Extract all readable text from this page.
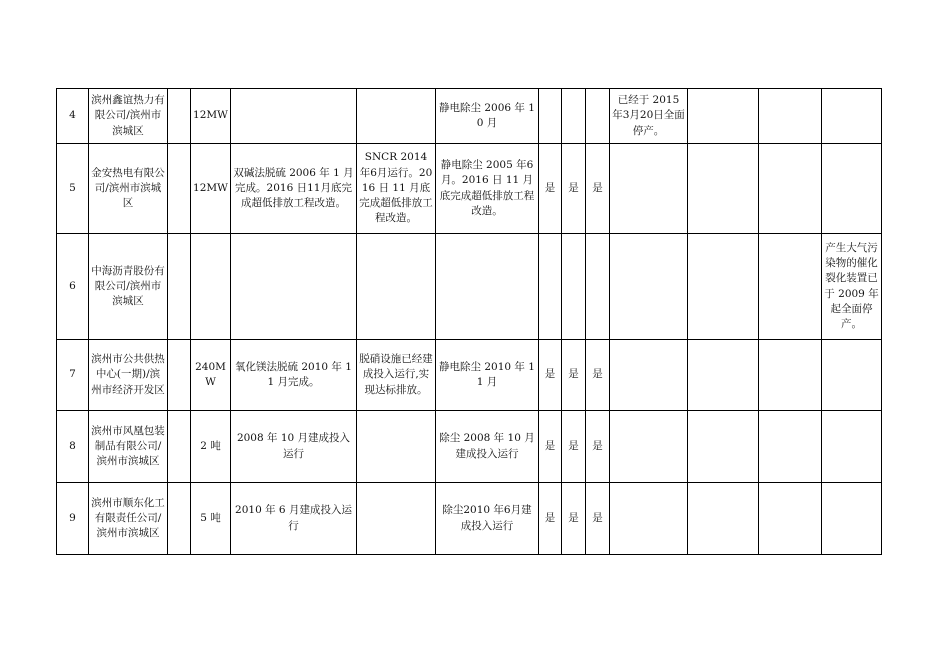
4	滨州鑫谊热力有限公司/滨州市滨城区		12MW			静电除尘 2006 年 10 月				已经于 2015 年3月20日全面停产。			
5	金安热电有限公司/滨州市滨城区		12MW	双碱法脱硫 2006 年 1 月完成。2016 日11月底完成超低排放工程改造。	SNCR 2014 年6月运行。2016 日 11 月底完成超低排放工程改造。	静电除尘 2005 年6 月。2016 日 11 月底完成超低排放工程改造。	是	是	是				
6	中海沥青股份有限公司/滨州市滨城区												产生大气污染物的催化裂化装置已于 2009 年起全面停产。
7	滨州市公共供热中心(一期)/滨州市经济开发区		240MW	氧化镁法脱硫 2010 年 11 月完成。	脱硝设施已经建成投入运行,实现达标排放。	静电除尘 2010 年 11 月	是	是	是				
8	滨州市风凰包装制品有限公司/滨州市滨城区		2 吨	2008 年 10 月建成投入运行		除尘 2008 年 10 月建成投入运行	是	是	是				
9	滨州市顺东化工有限责任公司/滨州市滨城区		5 吨	2010 年 6 月建成投入运行		除尘2010 年6月建成投入运行	是	是	是				
